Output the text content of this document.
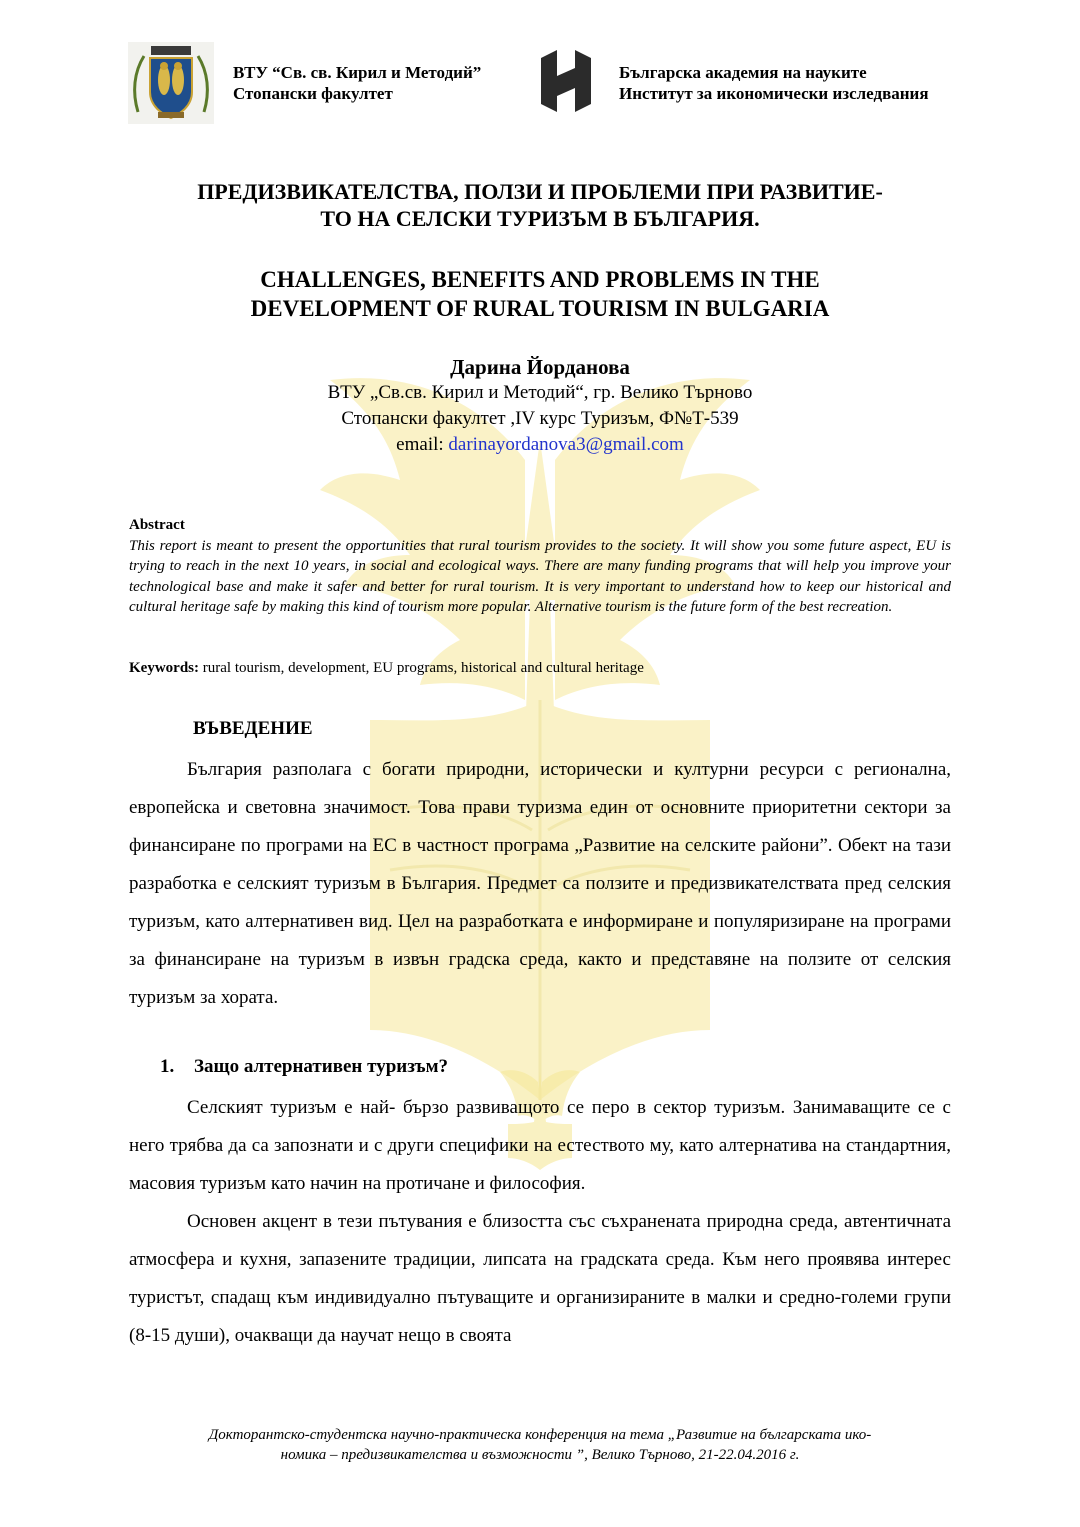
ВТУ “Св. св. Кирил и Методий”
Стопански факултет
Българска академия на науките
Институт за икономически изследвания
ПРЕДИЗВИКАТЕЛСТВА, ПОЛЗИ И ПРОБЛЕМИ ПРИ РАЗВИТИЕ-
ТО НА СЕЛСКИ ТУРИЗЪМ В БЪЛГАРИЯ.
CHALLENGES, BENEFITS AND PROBLEMS IN THE
DEVELOPMENT OF RURAL TOURISM IN BULGARIA
Дарина Йорданова
ВТУ „Св.св. Кирил и Методий“, гр. Велико Търново
Стопански факултет ,IV курс Туризъм, Ф№Т-539
email: darinayordanova3@gmail.com
Abstract
This report is meant to present the opportunities that rural tourism provides to the society. It will show you some future aspect, EU is trying to reach in the next 10 years, in social and ecological ways. There are many funding programs that will help you improve your technological base and make it safer and better for rural tourism. It is very important to understand how to keep our historical and cultural heritage safe by making this kind of tourism more popular. Alternative tourism is the future form of the best recreation.
Keywords: rural tourism, development, EU programs, historical and cultural heritage
ВЪВЕДЕНИЕ
България разполага с богати природни, исторически и културни ресурси с регионална, европейска и световна значимост. Това прави туризма един от основните приоритетни сектори за финансиране по програми на ЕС в частност програма „Развитие на селските райони”. Обект на тази разработка е селският туризъм в България. Предмет са ползите и предизвикателствата пред селския туризъм, като алтернативен вид. Цел на разработката е информиране и популяризиране на програми за финансиране на туризъм в извън градска среда, както и представяне на ползите от селския туризъм за хората.
1. Защо алтернативен туризъм?
Селският туризъм е най- бързо развиващото се перо в сектор туризъм. Занимаващите се с него трябва да са запознати и с други специфики на естеството му, като алтернатива на стандартния, масовия туризъм като начин на протичане и философия.
Основен акцент в тези пътувания е близостта със съхранената природна среда, автентичната атмосфера и кухня, запазените традиции, липсата на градската среда. Към него проявява интерес туристът, спадащ към индивидуално пътуващите и организираните в малки и средно-големи групи (8-15 души), очакващи да научат нещо в своята
Докторантско-студентска научно-практическа конференция на тема „Развитие на българската ико-
номика – предизвикателства и възможности ”, Велико Търново, 21-22.04.2016 г.
